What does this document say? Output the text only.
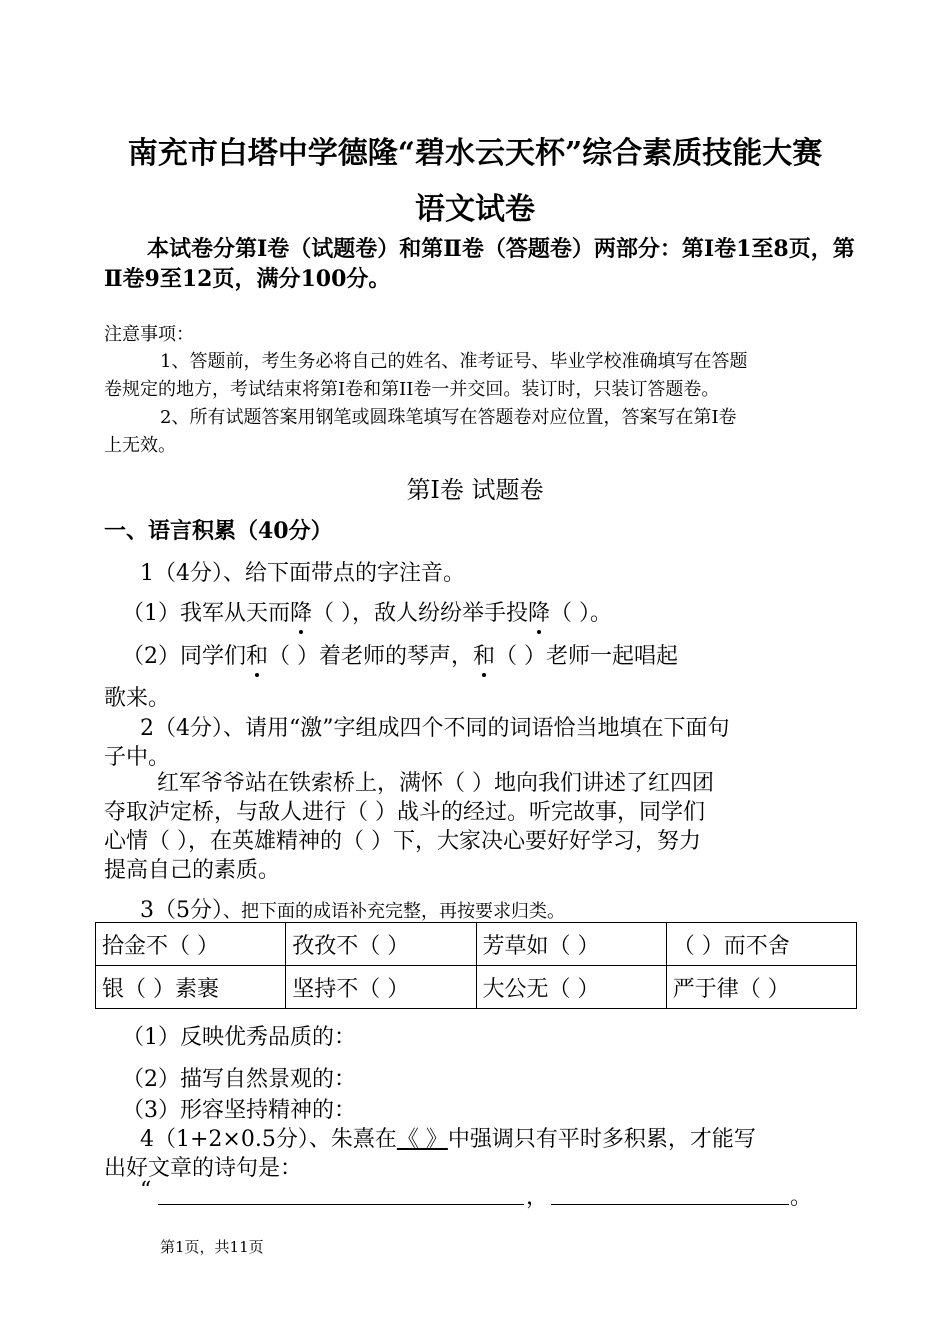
南充市白塔中学德隆“碧水云天杯”综合素质技能大赛
语文试卷
本试卷分第Ⅰ卷（试题卷）和第Ⅱ卷（答题卷）两部分：第Ⅰ卷1至8页，第
Ⅱ卷9至12页，满分100分。
注意事项：
1、答题前，考生务必将自己的姓名、准考证号、毕业学校准确填写在答题
卷规定的地方，考试结束将第Ⅰ卷和第ⅠⅠ卷一并交回。装订时，只装订答题卷。
2、所有试题答案用钢笔或圆珠笔填写在答题卷对应位置，答案写在第Ⅰ卷
上无效。
第Ⅰ卷 试题卷
一、语言积累（40分）
1（4分）、给下面带点的字注音。
（1）我军从天而降（ ），敌人纷纷举手投降（ ）。
（2）同学们和（ ）着老师的琴声，和（ ）老师一起唱起
歌来。
2（4分）、请用“激”字组成四个不同的词语恰当地填在下面句
子中。
红军爷爷站在铁索桥上，满怀（ ）地向我们讲述了红四团
夺取泸定桥，与敌人进行（ ）战斗的经过。听完故事，同学们
心情（ ），在英雄精神的（ ）下，大家决心要好好学习，努力
提高自己的素质。
3（5分）、把下面的成语补充完整，再按要求归类。
拾金不（ ）	孜孜不（ ）	芳草如（ ）	（ ）而不舍
银（ ）素裹	坚持不（ ）	大公无（ ）	严于律（ ）
（1）反映优秀品质的：
（2）描写自然景观的：
（3）形容坚持精神的：
4（1+2×0.5分）、朱熹在《 》中强调只有平时多积累，才能写
出好文章的诗句是：
“	，	。
第1页，共11页
